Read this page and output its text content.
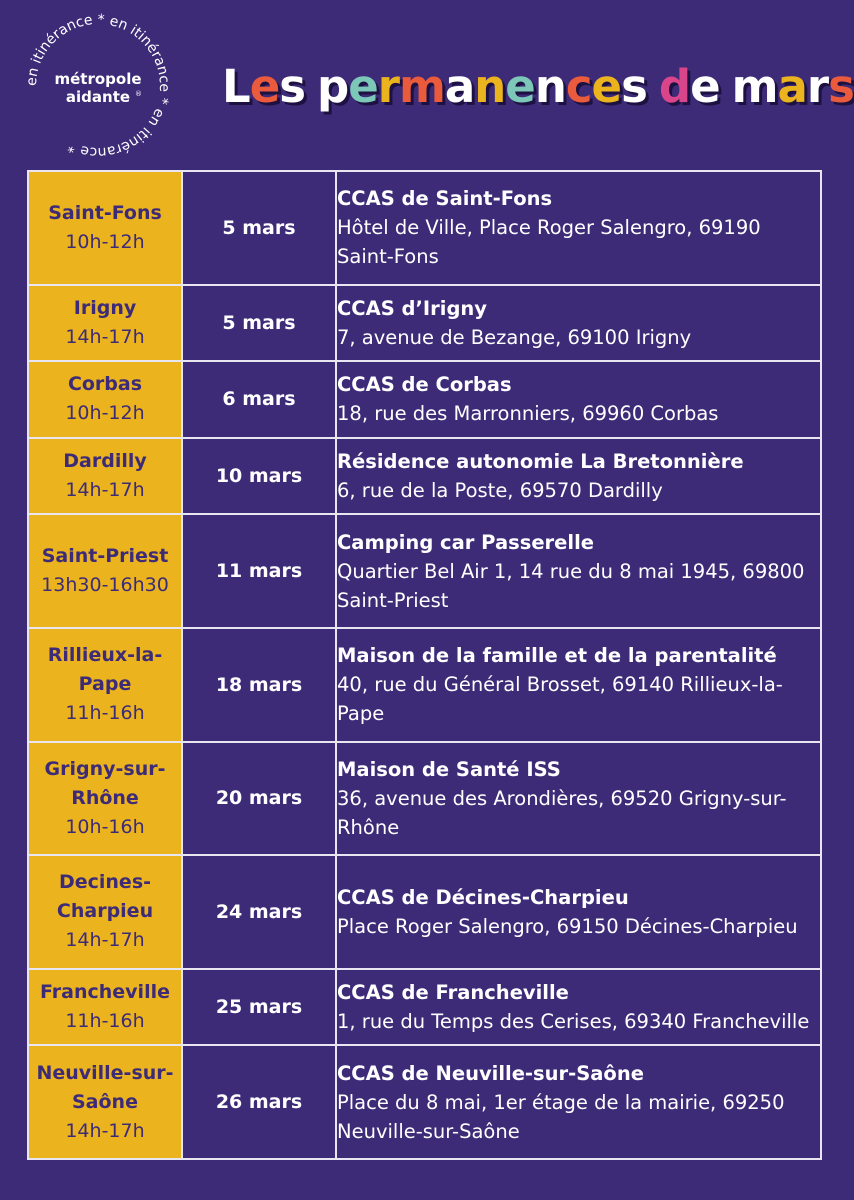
en itinérance * en itinérance * en itinérance *
métropole
aidante ® Les permanences de mars
Saint-Fons
10h-12h	5 mars	CCAS de Saint-Fons
Hôtel de Ville, Place Roger Salengro, 69190 Saint-Fons

Irigny
14h-17h	5 mars	CCAS d’Irigny
7, avenue de Bezange, 69100 Irigny

Corbas
10h-12h	6 mars	CCAS de Corbas
18, rue des Marronniers, 69960 Corbas

Dardilly
14h-17h	10 mars	Résidence autonomie La Bretonnière
6, rue de la Poste, 69570 Dardilly

Saint-Priest
13h30-16h30	11 mars	Camping car Passerelle
Quartier Bel Air 1, 14 rue du 8 mai 1945, 69800 Saint-Priest

Rillieux-la-Pape
11h-16h	18 mars	Maison de la famille et de la parentalité
40, rue du Général Brosset, 69140 Rillieux-la-Pape

Grigny-sur-Rhône
10h-16h	20 mars	Maison de Santé ISS
36, avenue des Arondières, 69520 Grigny-sur-Rhône

Decines-Charpieu
14h-17h	24 mars	CCAS de Décines-Charpieu
Place Roger Salengro, 69150 Décines-Charpieu

Francheville
11h-16h	25 mars	CCAS de Francheville
1, rue du Temps des Cerises, 69340 Francheville

Neuville-sur-Saône
14h-17h	26 mars	CCAS de Neuville-sur-Saône
Place du 8 mai, 1er étage de la mairie, 69250 Neuville-sur-Saône
